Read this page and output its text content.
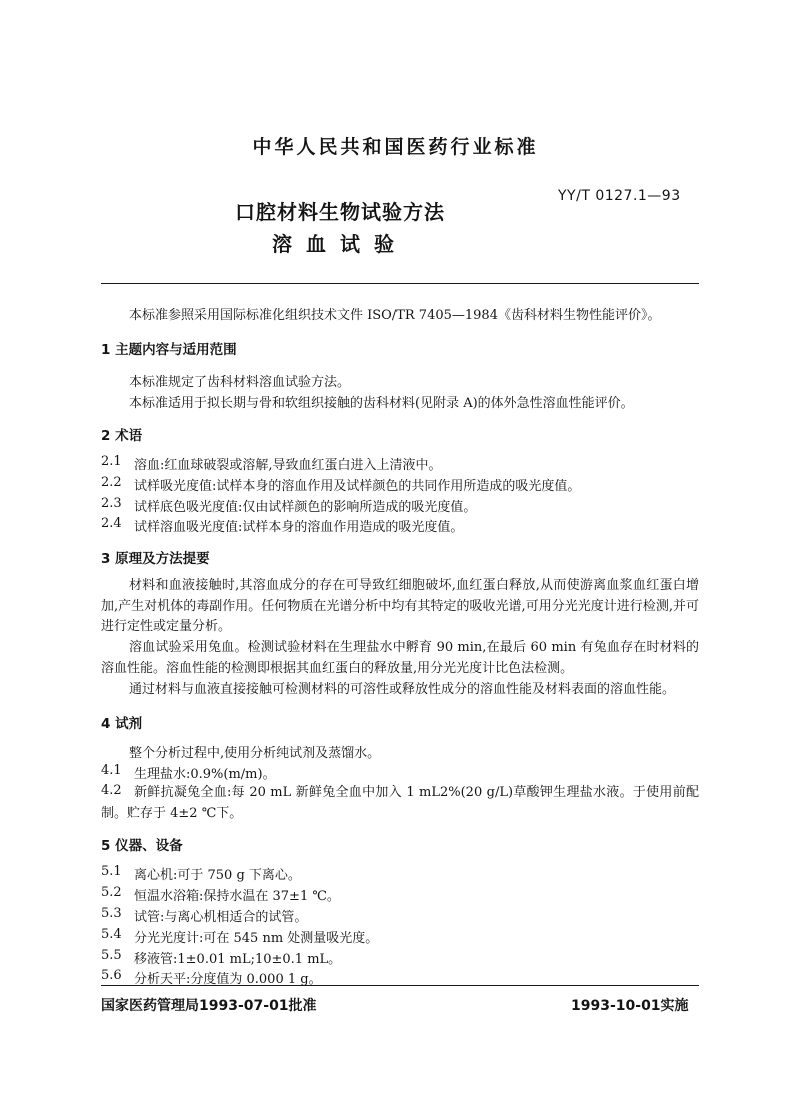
中华人民共和国医药行业标准
YY/T 0127.1—93
口腔材料生物试验方法
溶血试验
本标准参照采用国际标准化组织技术文件 ISO/TR 7405—1984《齿科材料生物性能评价》。
1 主题内容与适用范围
本标准规定了齿科材料溶血试验方法。
本标准适用于拟长期与骨和软组织接触的齿科材料(见附录 A)的体外急性溶血性能评价。
2 术语
2.1 溶血:红血球破裂或溶解,导致血红蛋白进入上清液中。
2.2 试样吸光度值:试样本身的溶血作用及试样颜色的共同作用所造成的吸光度值。
2.3 试样底色吸光度值:仅由试样颜色的影响所造成的吸光度值。
2.4 试样溶血吸光度值:试样本身的溶血作用造成的吸光度值。
3 原理及方法提要
材料和血液接触时,其溶血成分的存在可导致红细胞破坏,血红蛋白释放,从而使游离血浆血红蛋白增加,产生对机体的毒副作用。任何物质在光谱分析中均有其特定的吸收光谱,可用分光光度计进行检测,并可进行定性或定量分析。
溶血试验采用兔血。检测试验材料在生理盐水中孵育 90 min,在最后 60 min 有兔血存在时材料的溶血性能。溶血性能的检测即根据其血红蛋白的释放量,用分光光度计比色法检测。
通过材料与血液直接接触可检测材料的可溶性或释放性成分的溶血性能及材料表面的溶血性能。
4 试剂
整个分析过程中,使用分析纯试剂及蒸馏水。
4.1 生理盐水:0.9%(m/m)。
4.2 新鲜抗凝兔全血:每 20 mL 新鲜兔全血中加入 1 mL2%(20 g/L)草酸钾生理盐水液。于使用前配制。贮存于 4±2 ℃下。
5 仪器、设备
5.1 离心机:可于 750 g 下离心。
5.2 恒温水浴箱:保持水温在 37±1 ℃。
5.3 试管:与离心机相适合的试管。
5.4 分光光度计:可在 545 nm 处测量吸光度。
5.5 移液管:1±0.01 mL;10±0.1 mL。
5.6 分析天平:分度值为 0.000 1 g。
国家医药管理局1993-07-01批准	1993-10-01实施
